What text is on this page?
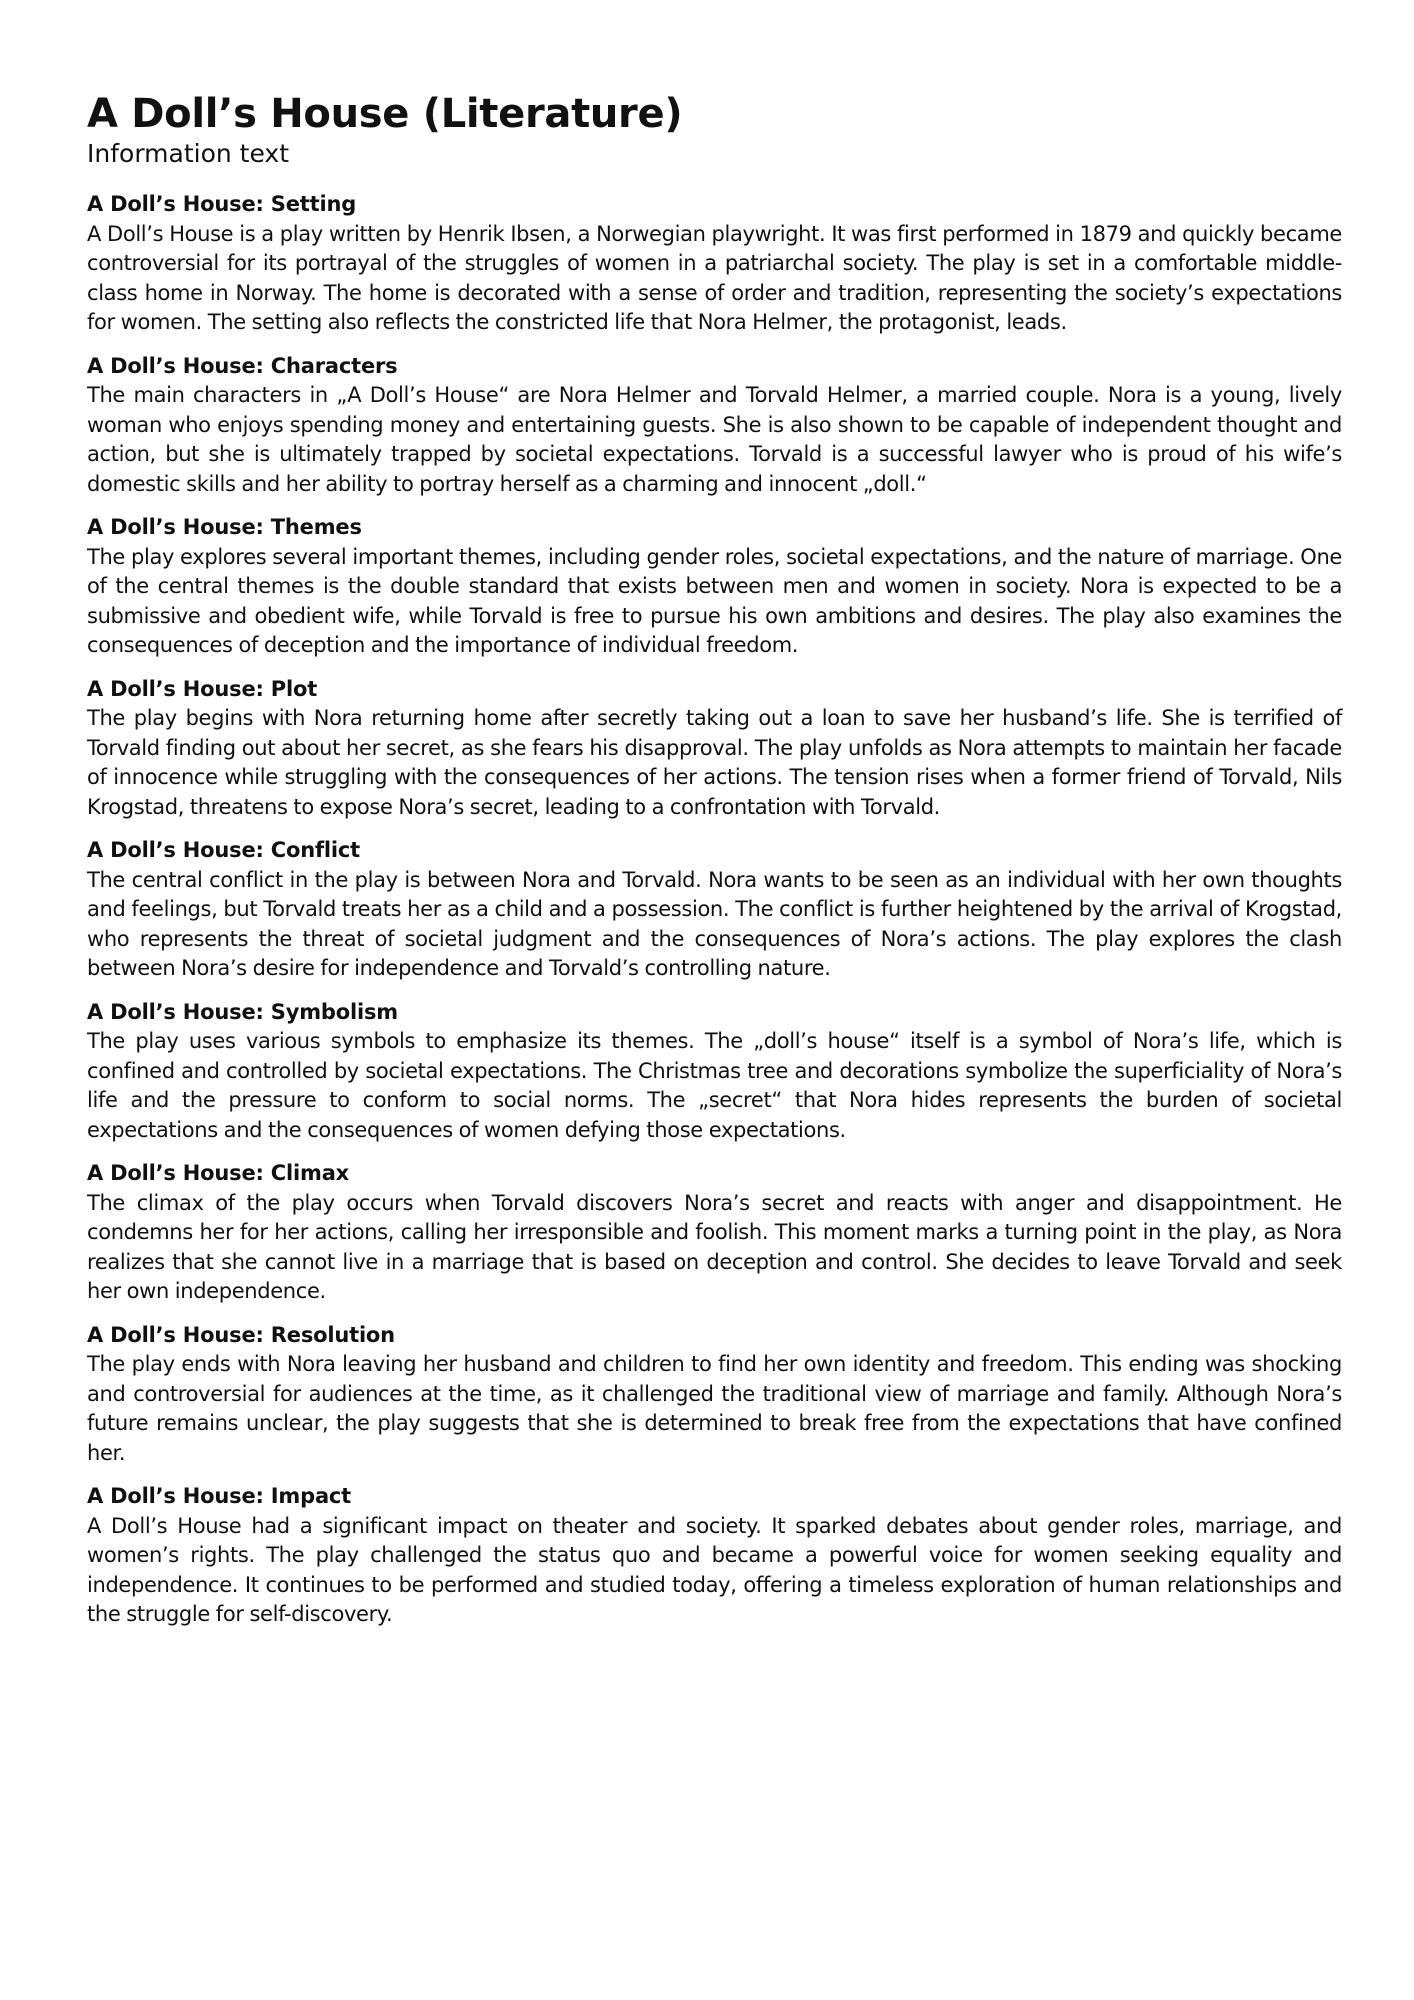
A Doll’s House (Literature)
Information text
A Doll’s House: Setting

A Doll’s House is a play written by Henrik Ibsen, a Norwegian playwright. It was first performed in 1879 and quickly became controversial for its portrayal of the struggles of women in a patriarchal society. The play is set in a comfortable middle-class home in Norway. The home is decorated with a sense of order and tradition, representing the society’s expectations for women. The setting also reflects the constricted life that Nora Helmer, the protagonist, leads.

A Doll’s House: Characters

The main characters in „A Doll’s House“ are Nora Helmer and Torvald Helmer, a married couple. Nora is a young, lively woman who enjoys spending money and entertaining guests. She is also shown to be capable of independent thought and action, but she is ultimately trapped by societal expectations. Torvald is a successful lawyer who is proud of his wife’s domestic skills and her ability to portray herself as a charming and innocent „doll.“

A Doll’s House: Themes

The play explores several important themes, including gender roles, societal expectations, and the nature of marriage. One of the central themes is the double standard that exists between men and women in society. Nora is expected to be a submissive and obedient wife, while Torvald is free to pursue his own ambitions and desires. The play also examines the consequences of deception and the importance of individual freedom.

A Doll’s House: Plot

The play begins with Nora returning home after secretly taking out a loan to save her husband’s life. She is terrified of Torvald finding out about her secret, as she fears his disapproval. The play unfolds as Nora attempts to maintain her facade of innocence while struggling with the consequences of her actions. The tension rises when a former friend of Torvald, Nils Krogstad, threatens to expose Nora’s secret, leading to a confrontation with Torvald.

A Doll’s House: Conflict

The central conflict in the play is between Nora and Torvald. Nora wants to be seen as an individual with her own thoughts and feelings, but Torvald treats her as a child and a possession. The conflict is further heightened by the arrival of Krogstad, who represents the threat of societal judgment and the consequences of Nora’s actions. The play explores the clash between Nora’s desire for independence and Torvald’s controlling nature.

A Doll’s House: Symbolism

The play uses various symbols to emphasize its themes. The „doll’s house“ itself is a symbol of Nora’s life, which is confined and controlled by societal expectations. The Christmas tree and decorations symbolize the superficiality of Nora’s life and the pressure to conform to social norms. The „secret“ that Nora hides represents the burden of societal expectations and the consequences of women defying those expectations.

A Doll’s House: Climax

The climax of the play occurs when Torvald discovers Nora’s secret and reacts with anger and disappointment. He condemns her for her actions, calling her irresponsible and foolish. This moment marks a turning point in the play, as Nora realizes that she cannot live in a marriage that is based on deception and control. She decides to leave Torvald and seek her own independence.

A Doll’s House: Resolution

The play ends with Nora leaving her husband and children to find her own identity and freedom. This ending was shocking and controversial for audiences at the time, as it challenged the traditional view of marriage and family. Although Nora’s future remains unclear, the play suggests that she is determined to break free from the expectations that have confined her.

A Doll’s House: Impact

A Doll’s House had a significant impact on theater and society. It sparked debates about gender roles, marriage, and women’s rights. The play challenged the status quo and became a powerful voice for women seeking equality and independence. It continues to be performed and studied today, offering a timeless exploration of human relationships and the struggle for self-discovery.
